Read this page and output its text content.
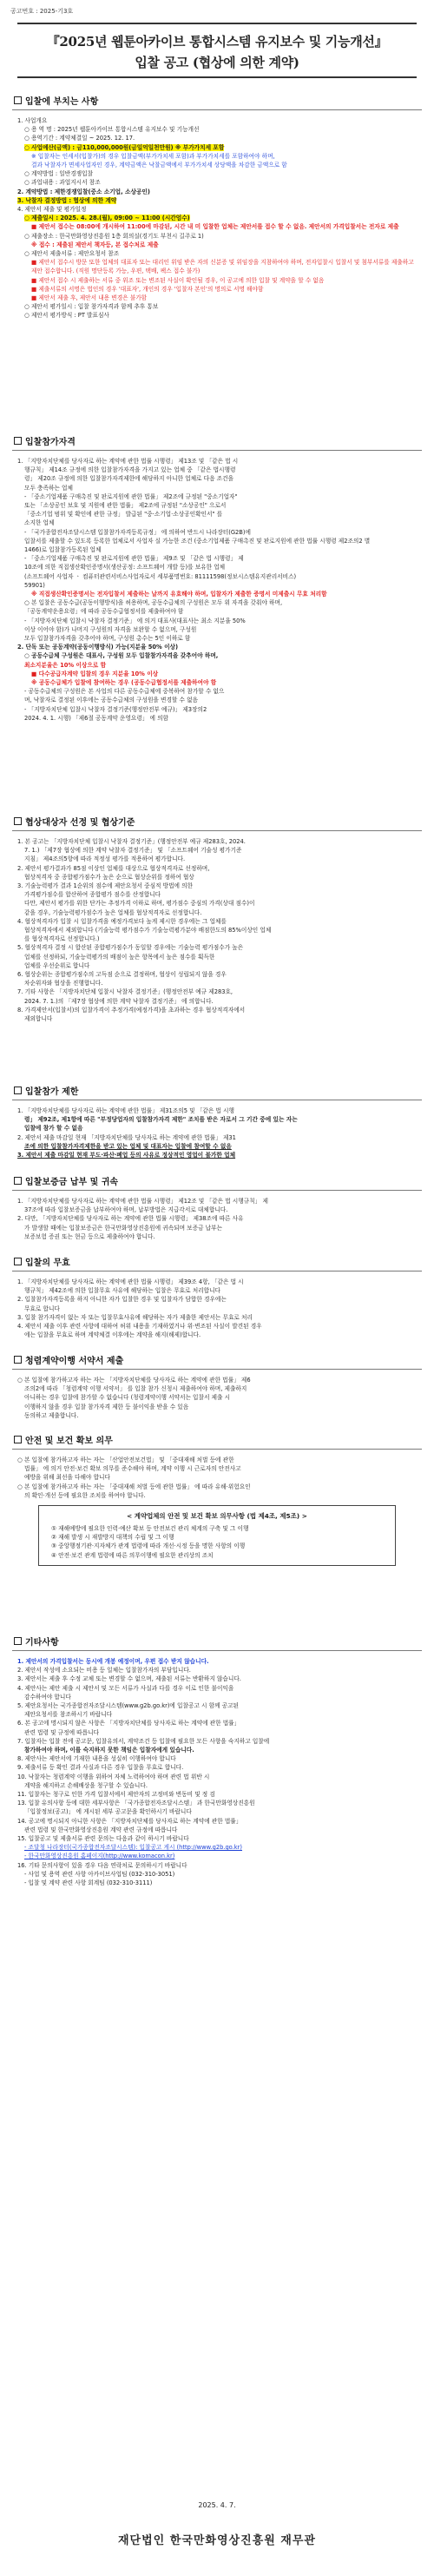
공고번호 : 2025-기3호
『2025년 웹툰아카이브 통합시스템 유지보수 및 기능개선』
입찰 공고 (협상에 의한 계약)
입찰에 부치는 사항
1. 사업개요
○ 용 역 명 : 2025년 웹툰아카이브 통합시스템 유지보수 및 기능개선
○ 용역기간 : 계약체결일 ~ 2025. 12. 17.
○ 사업예산(금액) : 금110,000,000원(금일억일천만원) ※ 부가가치세 포함
※ 입찰자는 인세서(입찰가)의 경우 입찰금액(부가가치세 포함)과 부가가치세를 포함하여야 하며,
결과 낙찰자가 면세사업자인 경우, 계약금액은 낙찰금액에서 부가가치세 상당액을 차감한 금액으로 함
○ 계약방법 : 일반경쟁입찰
○ 과업내용 : 과업지시서 참조
2. 계약방법 : 제한경쟁입찰(중소 소기업, 소상공인)
3. 낙찰자 결정방법 : 협상에 의한 계약
4. 제안서 제출 및 평가일정
○ 제출일시 : 2025. 4. 28.(월), 09:00 ~ 11:00 (시간엄수)
■ 제안서 접수는 08:00에 개시하여 11:00에 마감된, 시간 내 미 입찰한 업체는 제안서를 접수 할 수 없음. 제안서의 가격입찰서는 전자로 제출
○ 제출장소 : 한국만화영상진흥원 1층 회의실(경기도 부천시 길주로 1)
※ 접수 : 제출된 제안서 책자등, 본 접수처로 제출
○ 제안서 제출서류 : 제안요청서 참조
■ 제안서 접수시 방문 또한 업체의 대표자 또는 대리인 위임 받은 자의 신분증 및 위임장을 지참하여야 하며, 전자입찰시 입찰서 및 첨부서류를 제출하고
제안 접수합니다. (직원 명단등록 가능, 우편, 택배, 팩스 접수 불가)
■ 제안서 접수 시 제출하는 서류 중 위조 또는 변조된 사실이 확인될 경우, 이 공고에 의한 입찰 및 계약을 할 수 없음
■ 제출서류의 서명은 법인의 경우 '대표자', 개인의 경우 '입찰자 본인'의 명의로 서명 해야함
■ 제안서 제출 후, 제안서 내용 변경은 불가함
○ 제안서 평가일시 : 입찰 참가자격과 함께 추후 통보
○ 제안서 평가방식 : PT 발표심사
입찰참가자격
1. 「지방자치단체를 당사자로 하는 계약에 관한 법률 시행령」 제13조 및 「같은 법 시
행규칙」 제14조 규정에 의한 입찰참가자격을 가지고 있는 업체 중 「같은 법시행령
령」 제20조 규정에 의한 입찰참가자격제한에 해당하지 아니한 업체로 다음 조건을
모두 충족하는 업체
- 「중소기업제품 구매촉진 및 판로지원에 관한 법률」 제2조에 규정된 "중소기업자"
또는 「소상공인 보호 및 지원에 관한 법률」 제2조에 규정된 "소상공인" 으로서
「중소기업 범위 및 확인에 관한 규정」 발급된 "중·소기업·소상공인확인서" 를
소지한 업체
- 「국가종합전자조달시스템 입찰참가자격등록규정」 에 의하여 반드시 나라장터(G2B)에
입찰서를 제출할 수 있도록 등록한 업체로서 사업자 실 가능한 조건 (중소기업제품 구매촉진 및 판로지원에 관한 법률 시행령 제2조의2 별
1466)로 입찰참가등록된 업체
- 「중소기업제품 구매촉진 및 판로지원에 관한 법률」 제9조 및 「같은 법 시행령」 제
10조에 의한 직접생산확인증명서(생산공정: 소프트웨어 개발 등)를 보유한 업체
(소프트웨어 사업자 ㆍ 컴퓨터관련서비스사업자로서 세부품명번호: 81111598(정보시스템유지관리서비스)
59901)
※ 직접생산확인증명서는 전자입찰서 제출하는 날까지 유효해야 하며, 입찰자가 제출한 증명서 미제출시 무효 처리함
○ 본 입찰은 공동수급(공동이행방식)을 허용하며, 공동수급체의 구성원은 모두 위 자격을 갖춰야 하며,
「공동계약운용요령」에 따라 공동수급협정서를 제출하여야 함
- 「지방자치단체 입찰시 낙찰자 결정기준」 에 의거 대표사(대표사는 최소 지분율 50%
이상 이어야 함)가 나머지 구성원의 자격을 보완할 수 없으며, 구성원
모두 입찰참가자격을 갖추어야 하며, 구성원 총수는 5인 이하로 함
2. 단독 또는 공동계약(공동이행방식) 가능(지분율 50% 이상)
○ 공동수급체 구성원은 대표사, 구성원 모두 입찰참가자격을 갖추어야 하며,
최소지분율은 10% 이상으로 함
■ 다수공급자계약 입찰의 경우 지분율 10% 이상
※ 공동수급체가 입찰에 참여하는 경우 (공동수급협정서를 제출하여야 함
- 공동수급체의 구성원은 본 사업의 다른 공동수급체에 중복하여 참가할 수 없으
며, 낙찰자로 결정된 이후에는 공동수급체의 구성원을 변경할 수 없음
- 「지방자치단체 입찰시 낙찰자 결정기준(행정안전부 예규)」 제3장의2
2024. 4. 1. 시행) 「제6절 공동계약 운영요령」 에 의함
협상대상자 선정 및 협상기준
1. 본 공고는 「지방자치단체 입찰시 낙찰자 결정기준」(행정안전부 예규 제283호, 2024.
7. 1.) 「제7장 협상에 의한 계약 낙찰자 결정기준」 및 「소프트웨어 기술성 평가기준
지침」 제4조의5항에 따라 적정성 평가를 적용하여 평가합니다.
2. 제안서 평가결과가 85점 이상인 업체를 대상으로 협상적격자로 선정하며,
협상적격자 중 종합평가점수가 높은 순으로 협상순위를 정하여 협상
3. 기술능력평가 결과 1순위의 점수에 제안요청서 중심적 방법에 의한
가격평가점수를 합산하여 종합평가 점수를 산정합니다
다만, 제안서 평가를 위한 단가는 추정가격 이하로 하며, 평가점수 중심의 가격(상대 점수)이
같을 경우, 기술능력평가점수가 높은 업체를 협상적격자로 선정합니다.
4. 협상적격자가 입찰 시 입찰가격을 예정가격보다 높게 제시한 경우에는 그 업체를
협상적격자에서 제외합니다 (기술능력 평가점수가 기술능력평가분야 배점한도의 85%이상인 업체
를 협상적격자로 선정합니다.)
5. 협상적격자 결정 시 합산된 종합평가점수가 동일할 경우에는 기술능력 평가점수가 높은
업체를 선정하되, 기술능력평가의 배점이 높은 항목에서 높은 점수를 획득한
업체를 우선순위로 합니다
6. 협상순위는 종합평가점수의 고득점 순으로 결정하며, 협상이 성립되지 않을 경우
차순위자와 협상을 진행합니다.
7. 기타 사항은 「지방자치단체 입찰시 낙찰자 결정기준」(행정안전부 예규 제283호,
2024. 7. 1.)의 「제7장 협상에 의한 계약 낙찰자 결정기준」 에 의합니다.
8. 가격제안서(입찰서)의 입찰가격이 추정가격(예정가격)을 초과하는 경우 협상적격자에서
제외합니다
입찰참가 제한
1. 「지방자치단체를 당사자로 하는 계약에 관한 법률」 제31조의5 및 「같은 법 시행
령」 제92조, 제1항에 따른 "부정당업자의 입찰참가자격 제한" 조치를 받은 자로서 그 기간 중에 있는 자는
입찰에 참가 할 수 없음
2. 제안서 제출 마감일 현재 「지방자치단체를 당사자로 하는 계약에 관한 법률」 제31
조에 의한 입찰참가자격제한을 받고 있는 업체 및 대표자는 입찰에 참여할 수 없음
3. 제안서 제출 마감일 현재 부도·파산·폐업 등의 사유로 정상적인 영업이 불가한 업체
입찰보증금 납부 및 귀속
1. 「지방자치단체를 당사자로 하는 계약에 관한 법률 시행령」 제12조 및 「같은 법 시행규칙」 제
37조에 따라 입찰보증금을 납부하여야 하며, 납부방법은 지급각서로 대체합니다.
2. 다만, 「지방자치단체를 당사자로 하는 계약에 관한 법률 시행령」 제38조에 따른 사유
가 발생할 때에는 입찰보증금은 한국만화영상진흥원에 귀속되며 보증금 납부는
보증보험 증권 또는 현금 등으로 제출하여야 합니다.
입찰의 무효
1. 「지방자치단체를 당사자로 하는 계약에 관한 법률 시행령」 제39조 4항, 「같은 법 시
행규칙」 제42조에 의한 입찰무효 사유에 해당하는 입찰은 무효로 처리합니다
2. 입찰참가자격등록을 하지 아니한 자가 입찰한 경우 및 입찰자가 담합한 경우에는
무효로 합니다
3. 입찰 참가자격이 없는 자 또는 입찰무효사유에 해당하는 자가 제출한 제안서는 무효로 처리
4. 제안서 제출 이후 관련 사항에 대하여 허위 내용을 기재하였거나 위·변조된 사실이 발견된 경우
에는 입찰을 무효로 하며 계약체결 이후에는 계약을 해지(해제)합니다.
청렴계약이행 서약서 제출
○ 본 입찰에 참가하고자 하는 자는 「지방자치단체를 당사자로 하는 계약에 관한 법률」 제6
조의2에 따라 「청렴계약 이행 서약서」 를 입찰 참가 신청시 제출하여야 하며, 제출하지
아니하는 경우 입찰에 참가할 수 없습니다 (청렴계약이행 서약서는 입찰서 제출 시
이행하지 않을 경우 입찰 참가자격 제한 등 불이익을 받을 수 있음
동의하고 제출합니다.
안전 및 보건 확보 의무
○ 본 입찰에 참가하고자 하는 자는 「산업안전보건법」 및 「중대재해 처벌 등에 관한
법률」 에 의거 안전·보건 확보 의무를 준수해야 하며, 계약 이행 시 근로자의 안전사고
예방을 위해 최선을 다해야 합니다
○ 본 입찰에 참가하고자 하는 자는 「중대재해 처벌 등에 관한 법률」 에 따라 유해·위험요인
의 확인·개선 등에 필요한 조치를 하여야 합니다.
< 계약업체의 안전 및 보건 확보 의무사항 (법 제4조, 제5조) >
① 재해예방에 필요한 인력·예산 확보 등 안전보건 관리 체계의 구축 및 그 이행
② 재해 발생 시 재발방지 대책의 수립 및 그 이행
③ 중앙행정기관·지자체가 관계 법령에 따라 개선·시정 등을 명한 사항의 이행
④ 안전·보건 관계 법령에 따른 의무이행에 필요한 관리상의 조치
기타사항
1. 제안서의 가격입찰서는 동시에 개봉 예정이며, 우편 접수 받지 않습니다.
2. 제안서 작성에 소요되는 비용 등 일체는 입찰참가자의 부담입니다.
3. 제안서는 제출 후 수정 교체 또는 변경할 수 없으며, 제출된 서류는 반환하지 않습니다.
4. 제안사는 제안 제출 시 제안서 및 모든 서류가 사실과 다를 경우 이로 인한 불이익을
감수하여야 합니다
5. 제안요청서는 국가종합전자조달시스템(www.g2b.go.kr)에 입찰공고 시 함께 공고된
제안요청서를 참조하시기 바랍니다
6. 본 공고에 명시되지 않은 사항은 「지방자치단체를 당사자로 하는 계약에 관한 법률」
관련 법령 및 규정에 따릅니다
7. 입찰자는 입찰 전에 공고문, 입찰유의서, 계약조건 등 입찰에 필요한 모든 사항을 숙지하고 입찰에
참가하여야 하며, 이를 숙지하지 못한 책임은 입찰자에게 있습니다.
8. 제안사는 제안서에 기재한 내용을 성실히 이행하여야 합니다
9. 제출서류 등 확인 결과 사실과 다른 경우 입찰을 무효로 합니다.
10. 낙찰자는 청렴계약 이행을 위하여 자체 노력하여야 하며 관련 법 위반 시
계약을 해지하고 손해배상을 청구할 수 있습니다.
11. 입찰자는 청구로 인한 가격 입찰서에서 제안자의 고정비와 변동비 및 정 검
13. 입찰 유의사항 등에 대한 세부사항은 「국가종합전자조달시스템」 과 한국만화영상진흥원
「입찰정보(공고)」 에 게시된 세부 공고문을 확인하시기 바랍니다
14. 공고에 명시되지 아니한 사항은 「지방자치단체를 당사자로 하는 계약에 관한 법률」
관련 법령 및 한국만화영상진흥원 계약 관련 규정에 따릅니다
15. 입찰공고 및 제출서류 관련 문의는 다음과 같이 하시기 바랍니다
- 조달청 나라장터(국가종합전자조달시스템): 입찰공고 게시 (http://www.g2b.go.kr)
- 한국만화영상진흥원 홈페이지(http://www.komacon.kr)
16. 기타 문의사항이 있을 경우 다음 연락처로 문의하시기 바랍니다
- 사업 및 용역 관련 사항 아카이브사업팀 (032-310-3051)
- 입찰 및 계약 관련 사항 회계팀 (032-310-3111)
2025. 4. 7.
재단법인 한국만화영상진흥원 재무관
